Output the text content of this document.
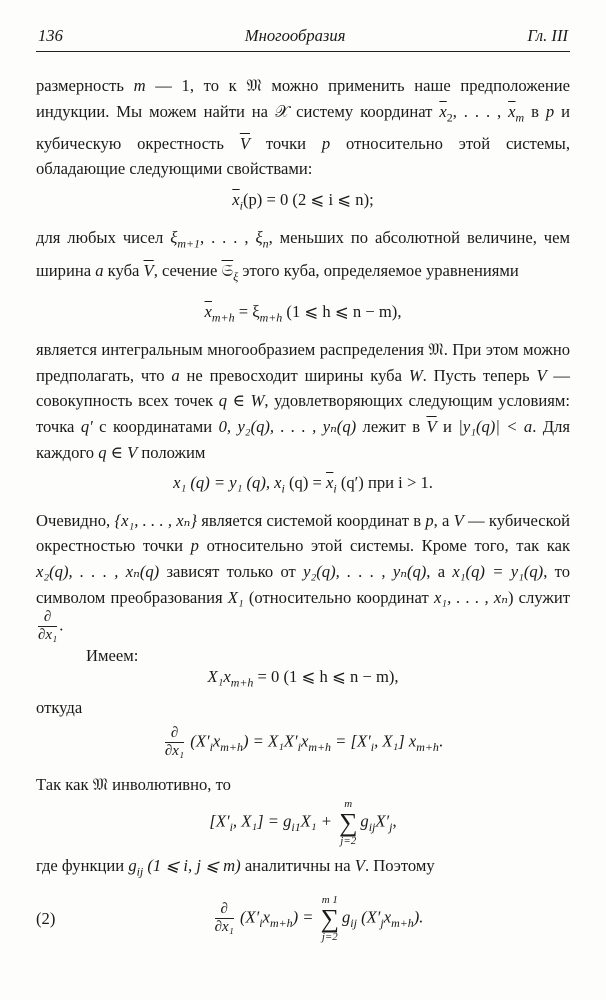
136	Многообразия	Гл. III

размерность m — 1, то к 𝔐 можно применить наше предположение индукции. Мы можем найти на 𝒳 систему координат $\overline{x}_2$, . . . , $\overline{x}_m$ в p и кубическую окрестность $\overline{V}$ точки p относительно этой системы, обладающие следующими свойствами:

$\overline{x}_i(p) = 0$ (2 ⩽ i ⩽ n);

для любых чисел $\xi_{m+1}$, . . . , $\xi_n$, меньших по абсолютной величине, чем ширина a куба $\overline{V}$, сечение 𝔖$_\xi$ этого куба, определяемое уравнениями

$\overline{x}_{m+h} = \xi_{m+h}$ (1 ⩽ h ⩽ n − m),

является интегральным многообразием распределения 𝔐. При этом можно предполагать, что a не превосходит ширины куба W. Пусть теперь V — совокупность всех точек q ∈ W, удовлетворяющих следующим условиям: точка q′ с координатами 0, y₂(q), . . . , yₙ(q) лежит в $\overline{V}$ и |y₁(q)| < a. Для каждого q ∈ V положим

x₁ (q) = y₁ (q), $x_i$ $(q) = \overline{x}_i$ (q′) при i > 1.

Очевидно, {x₁, . . . , xₙ} является системой координат в p, а V — кубической окрестностью точки p относительно этой системы. Кроме того, так как x₂(q), . . . , xₙ(q) зависят только от y₂(q), . . . , yₙ(q), а x₁(q) = y₁(q), то символом преобразования X₁ (относительно координат x₁, . . . , xₙ) служит
$\frac{\partial}{\text{∂x₁}}$ .

Имеем:

$X_1x_{m+h} = 0$ (1 ⩽ h ⩽ n − m),

откуда

$\frac{\partial}{\text{∂x₁}} (X'_ix_{m+h}) = X_1X'_ix_{m+h} = [X'_i$, X₁] $x_{m+h}$.

Так как 𝔐 инволютивно, то

[$X'_i$, $X_1] = g_{i1}X_1$ +
m
∑
j=2
$g_{ij}X'_j$,

где функции $g_{ij}$ (1 ⩽ i, j ⩽ m) аналитичны на V. Поэтому

(2)	$\frac{\partial}{\text{∂x₁}} (X'_ix_{m+h})$ =
m 1
∑
j=2
$g_{ij}$ $(X'_jx_{m+h})$.
